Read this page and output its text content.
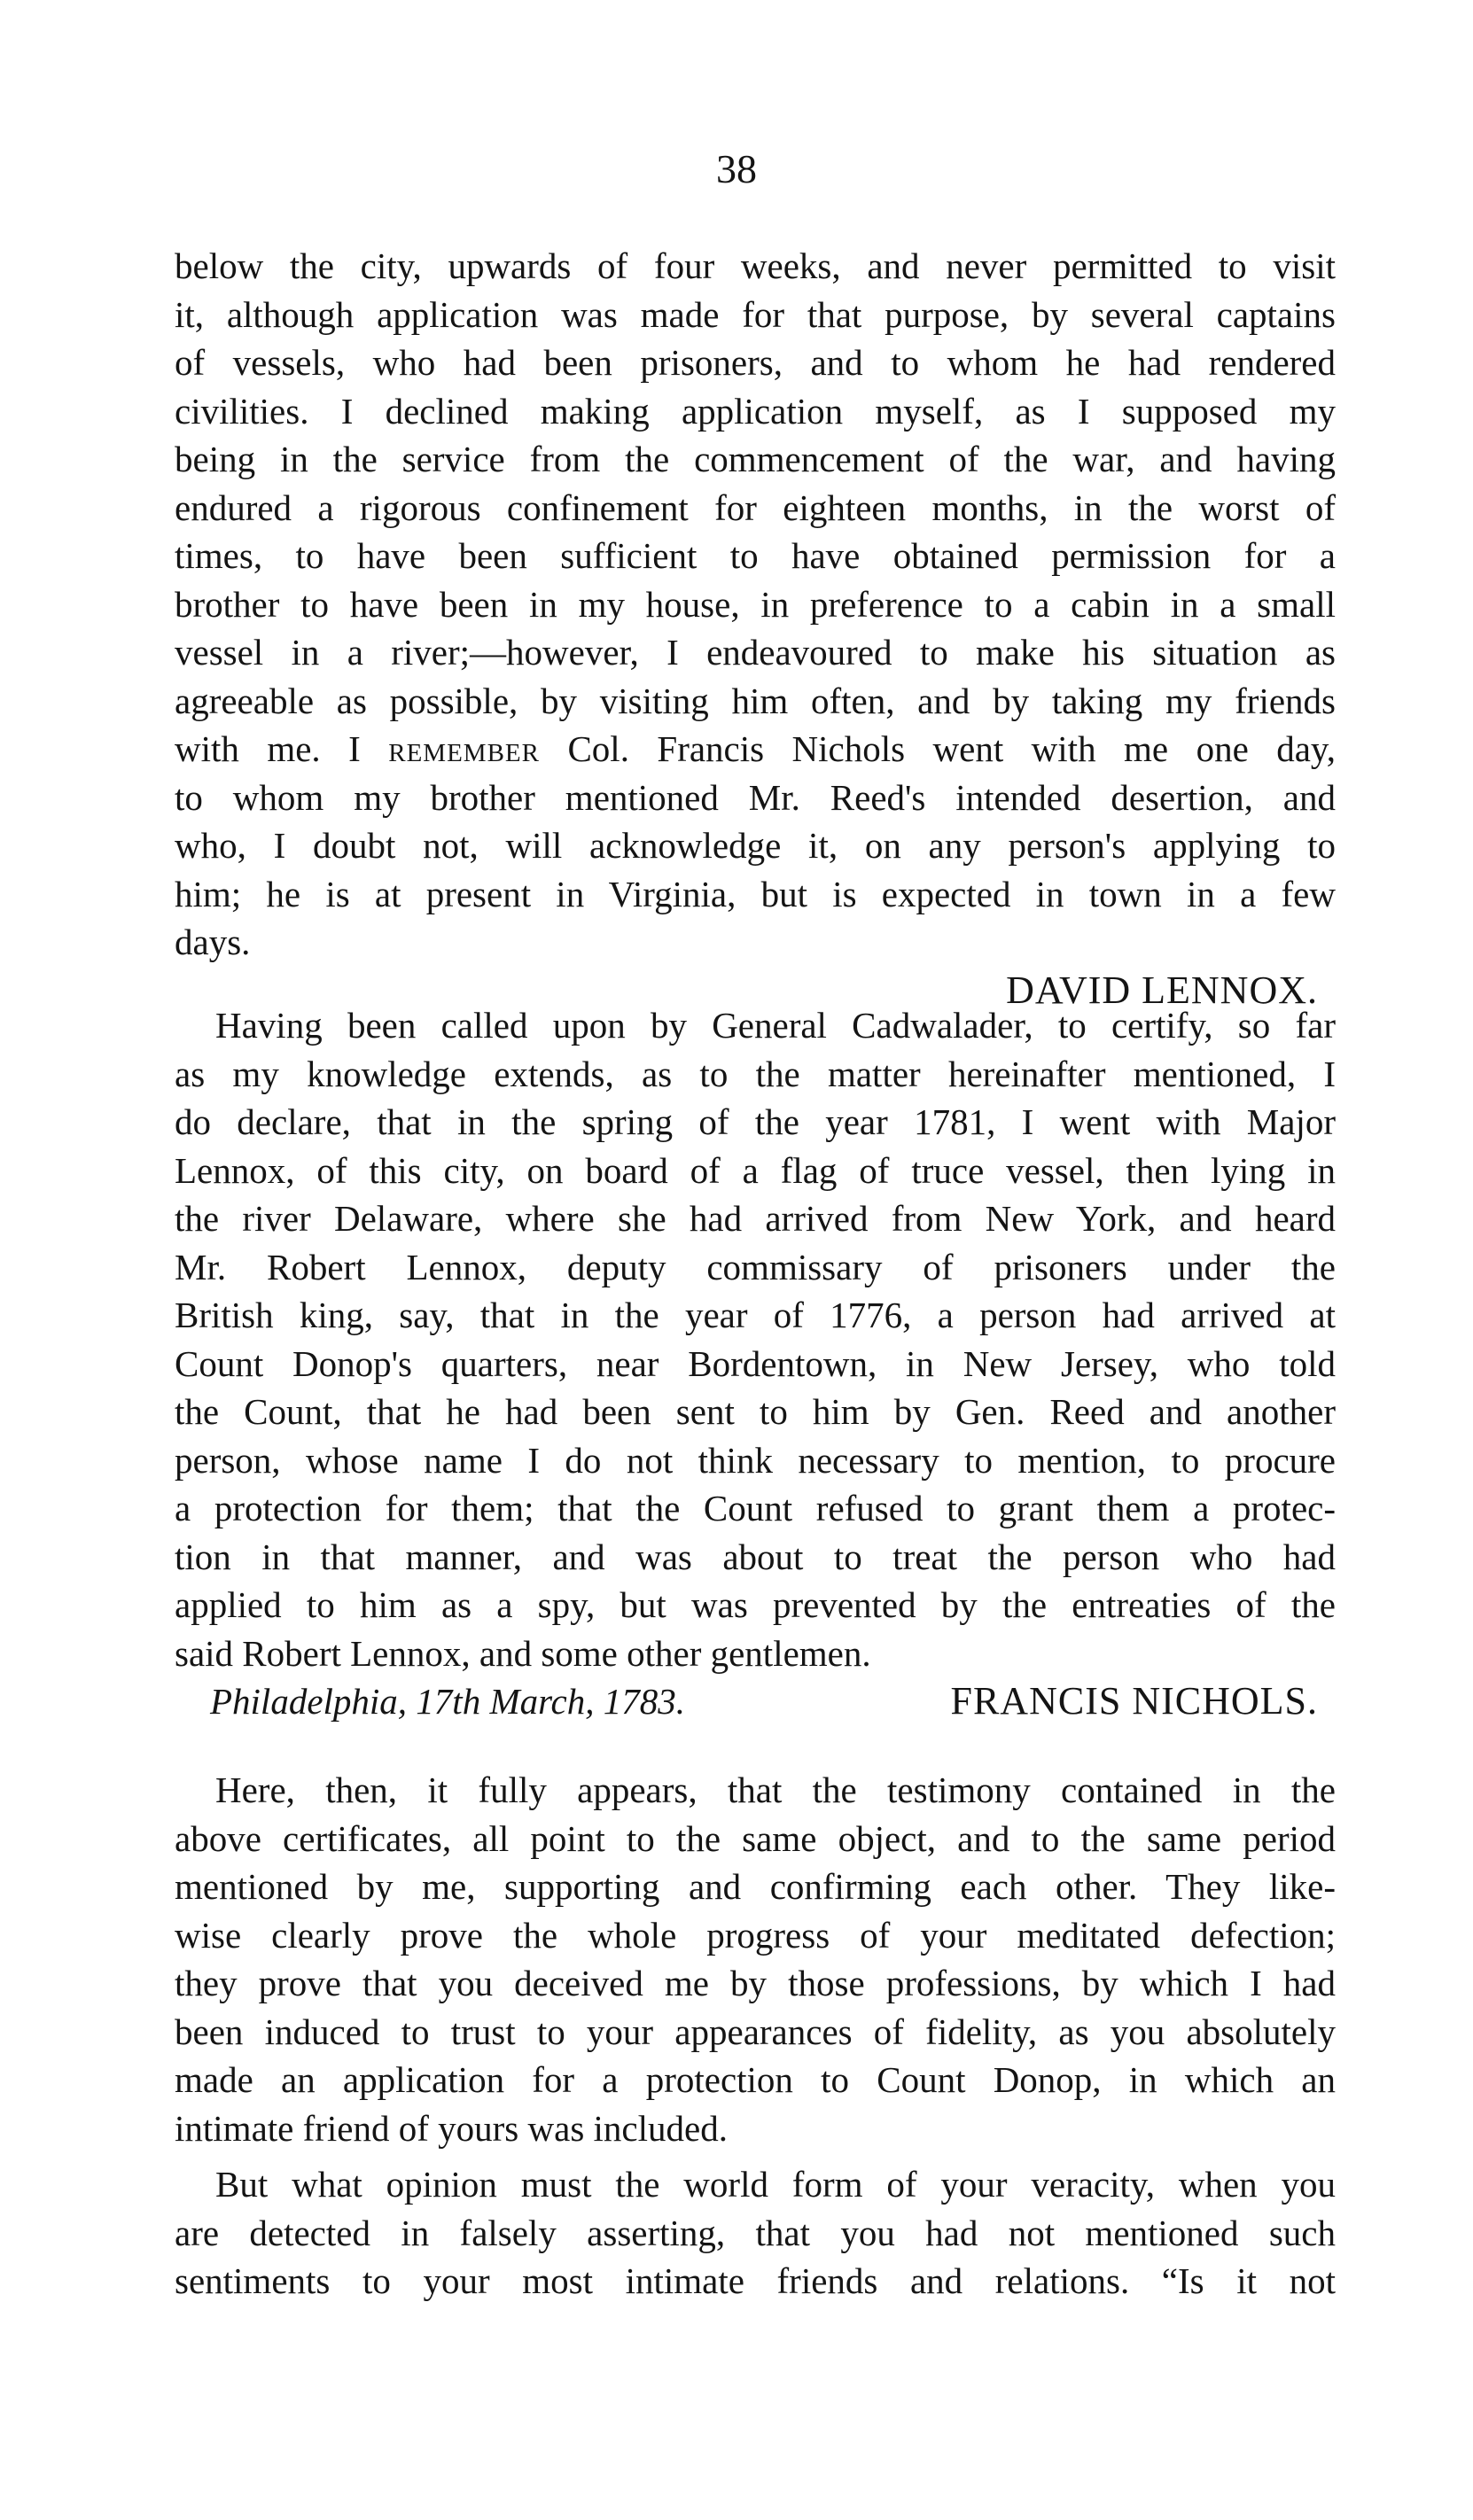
38
below the city, upwards of four weeks, and never permitted to visit
it, although application was made for that purpose, by several captains
of vessels, who had been prisoners, and to whom he had rendered
civilities. I declined making application myself, as I supposed my
being in the service from the commencement of the war, and having
endured a rigorous confinement for eighteen months, in the worst of
times, to have been sufficient to have obtained permission for a
brother to have been in my house, in preference to a cabin in a small
vessel in a river;—however, I endeavoured to make his situation as
agreeable as possible, by visiting him often, and by taking my friends
with me. I remember Col. Francis Nichols went with me one day,
to whom my brother mentioned Mr. Reed's intended desertion, and
who, I doubt not, will acknowledge it, on any person's applying to
him; he is at present in Virginia, but is expected in town in a few
days.
DAVID LENNOX.
Having been called upon by General Cadwalader, to certify, so far
as my knowledge extends, as to the matter hereinafter mentioned, I
do declare, that in the spring of the year 1781, I went with Major
Lennox, of this city, on board of a flag of truce vessel, then lying in
the river Delaware, where she had arrived from New York, and heard
Mr. Robert Lennox, deputy commissary of prisoners under the
British king, say, that in the year of 1776, a person had arrived at
Count Donop's quarters, near Bordentown, in New Jersey, who told
the Count, that he had been sent to him by Gen. Reed and another
person, whose name I do not think necessary to mention, to procure
a protection for them; that the Count refused to grant them a protec-
tion in that manner, and was about to treat the person who had
applied to him as a spy, but was prevented by the entreaties of the
said Robert Lennox, and some other gentlemen.
Philadelphia, 17th March, 1783.	FRANCIS NICHOLS.
Here, then, it fully appears, that the testimony contained in the
above certificates, all point to the same object, and to the same period
mentioned by me, supporting and confirming each other. They like-
wise clearly prove the whole progress of your meditated defection;
they prove that you deceived me by those professions, by which I had
been induced to trust to your appearances of fidelity, as you absolutely
made an application for a protection to Count Donop, in which an
intimate friend of yours was included.
But what opinion must the world form of your veracity, when you
are detected in falsely asserting, that you had not mentioned such
sentiments to your most intimate friends and relations. “Is it not
